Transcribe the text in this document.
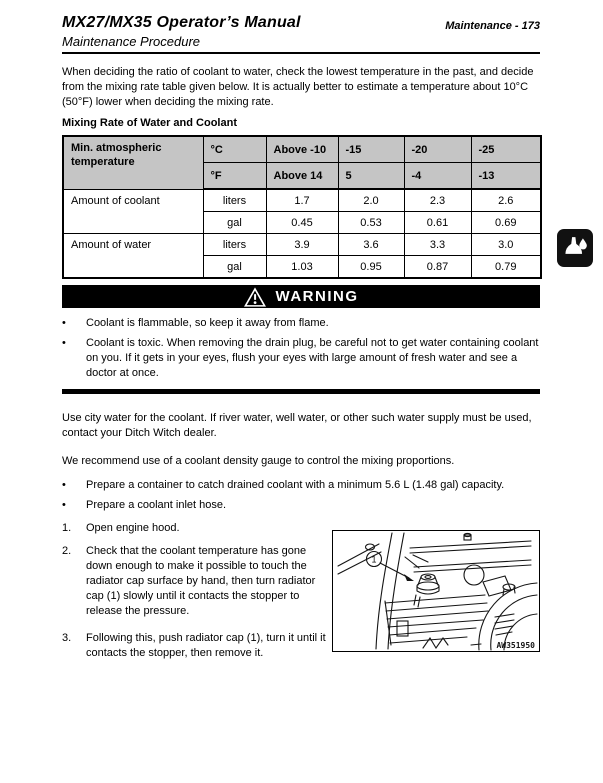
MX27/MX35 Operator’s Manual	Maintenance - 173
Maintenance Procedure

When deciding the ratio of coolant to water, check the lowest temperature in the past, and decide from the mixing rate table given below. It is actually better to estimate a temperature about 10°C (50°F) lower when deciding the mixing rate.

Mixing Rate of Water and Coolant
Min. atmospheric temperature	°C	Above -10	-15	-20	-25
	°F	Above 14	5	-4	-13
Amount of coolant	liters	1.7	2.0	2.3	2.6
	gal	0.45	0.53	0.61	0.69
Amount of water	liters	3.9	3.6	3.3	3.0
	gal	1.03	0.95	0.87	0.79
WARNING
•	Coolant is flammable, so keep it away from flame.
•	Coolant is toxic. When removing the drain plug, be careful not to get water containing coolant on you. If it gets in your eyes, flush your eyes with large amount of fresh water and see a doctor at once.

Use city water for the coolant. If river water, well water, or other such water supply must be used, contact your Ditch Witch dealer.

We recommend use of a coolant density gauge to control the mixing proportions.

•	Prepare a container to catch drained coolant with a minimum 5.6 L (1.48 gal) capacity.
•	Prepare a coolant inlet hose.
1.	Open engine hood.
2.	Check that the coolant temperature has gone down enough to make it possible to touch the radiator cap surface by hand, then turn radiator cap (1) slowly until it contacts the stopper to release the pressure.
3.	Following this, push radiator cap (1), turn it until it contacts the stopper, then remove it.
1
AW351950
